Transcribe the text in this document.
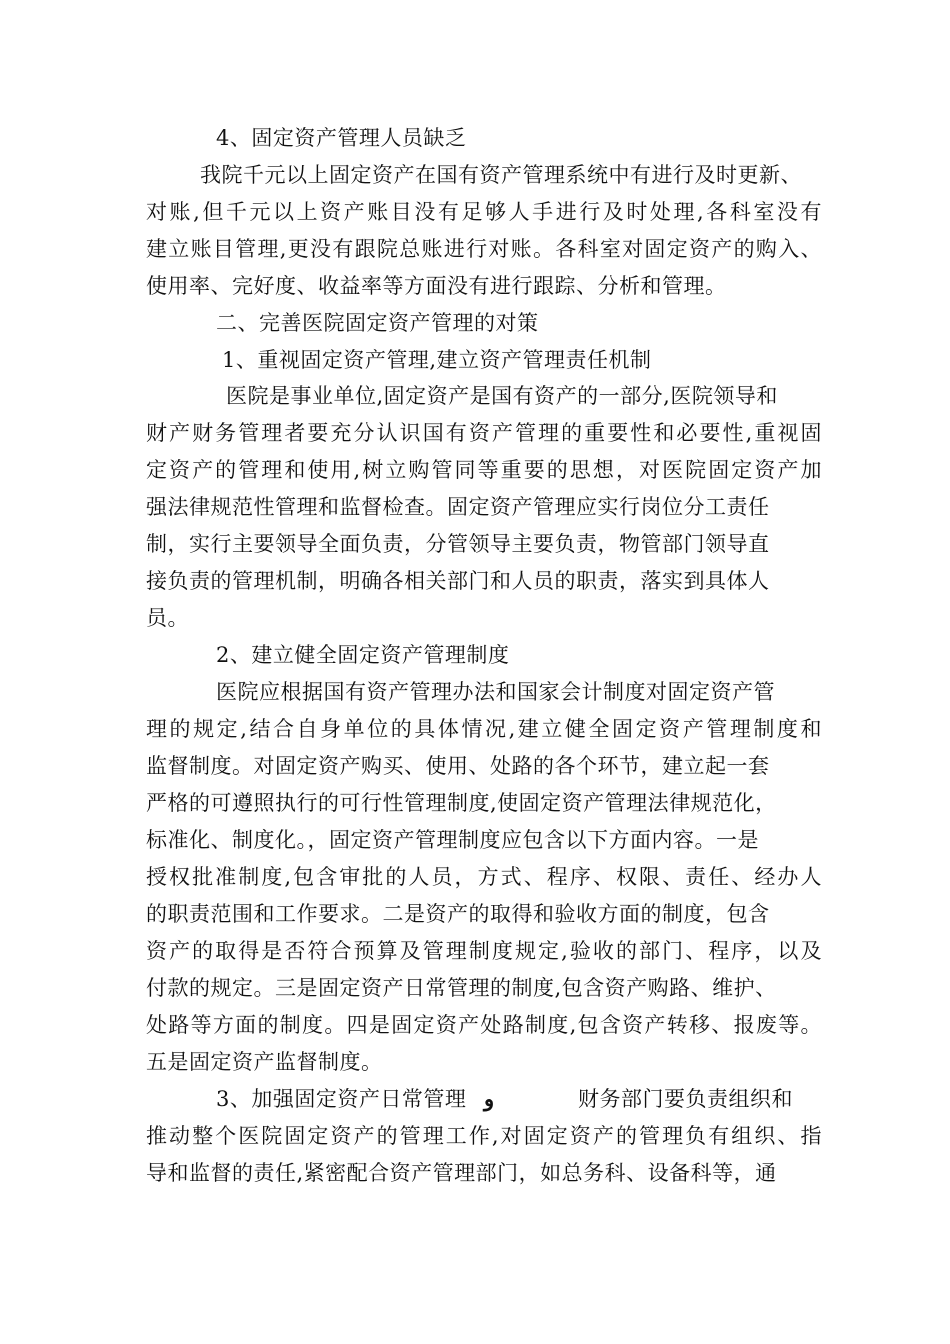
4、固定资产管理人员缺乏
我院千元以上固定资产在国有资产管理系统中有进行及时更新、
对账,但千元以上资产账目没有足够人手进行及时处理,各科室没有
建立账目管理,更没有跟院总账进行对账。各科室对固定资产的购入、
使用率、完好度、收益率等方面没有进行跟踪、分析和管理。
二、完善医院固定资产管理的对策
1、重视固定资产管理,建立资产管理责任机制
医院是事业单位,固定资产是国有资产的一部分,医院领导和
财产财务管理者要充分认识国有资产管理的重要性和必要性,重视固
定资产的管理和使用,树立购管同等重要的思想，对医院固定资产加
强法律规范性管理和监督检查。固定资产管理应实行岗位分工责任
制，实行主要领导全面负责，分管领导主要负责，物管部门领导直
接负责的管理机制，明确各相关部门和人员的职责，落实到具体人
员。
2、建立健全固定资产管理制度
医院应根据国有资产管理办法和国家会计制度对固定资产管
理的规定,结合自身单位的具体情况,建立健全固定资产管理制度和
监督制度。对固定资产购买、使用、处路的各个环节，建立起一套
严格的可遵照执行的可行性管理制度,使固定资产管理法律规范化，
标准化、制度化。，固定资产管理制度应包含以下方面内容。一是
授权批准制度,包含审批的人员，方式、程序、权限、责任、经办人
的职责范围和工作要求。二是资产的取得和验收方面的制度，包含
资产的取得是否符合预算及管理制度规定,验收的部门、程序，以及
付款的规定。三是固定资产日常管理的制度,包含资产购路、维护、
处路等方面的制度。四是固定资产处路制度,包含资产转移、报废等。
五是固定资产监督制度。
3、加强固定资产日常管理 و	财务部门要负责组织和
推动整个医院固定资产的管理工作,对固定资产的管理负有组织、指
导和监督的责任,紧密配合资产管理部门，如总务科、设备科等，通
